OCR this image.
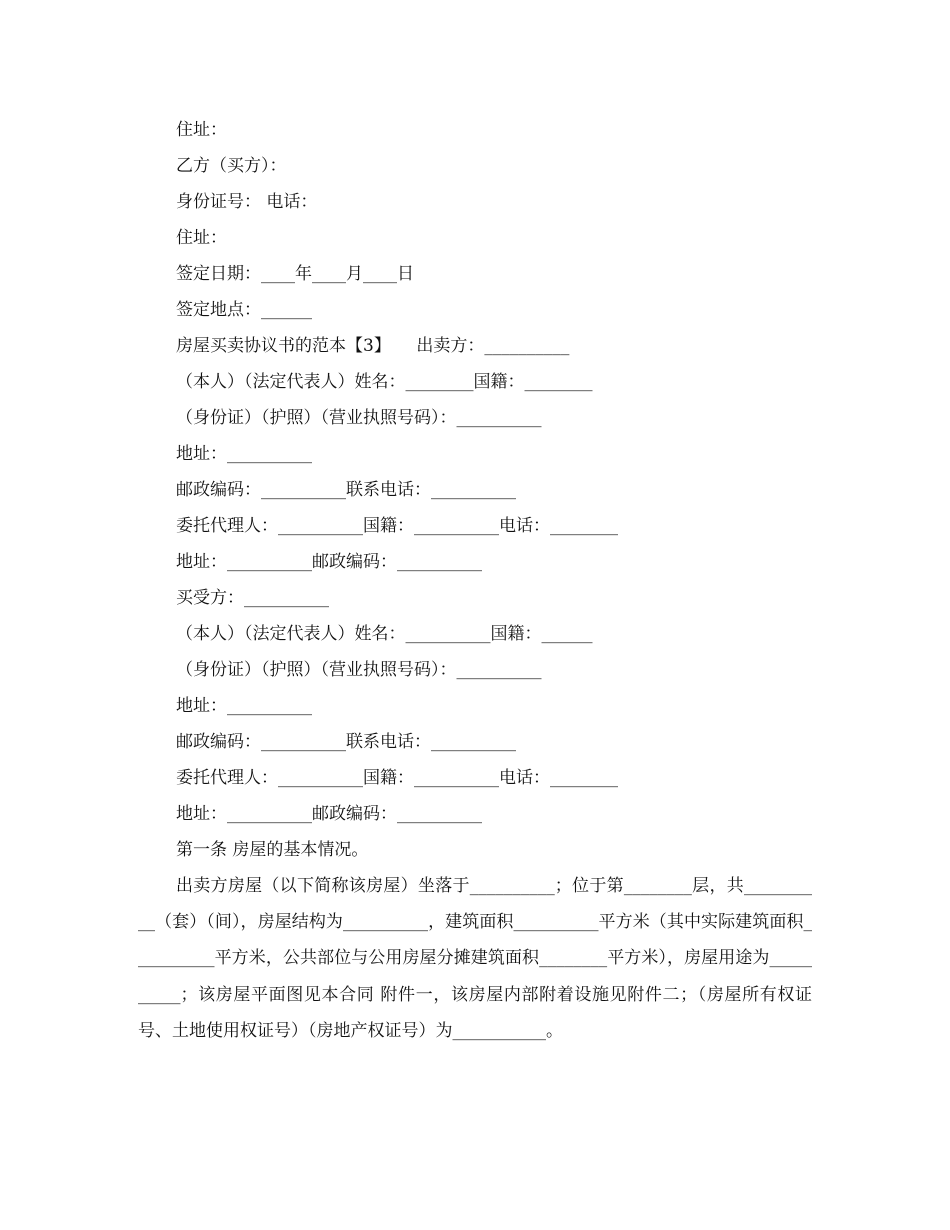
住址：
乙方（买方）：
身份证号： 电话：
住址：
签定日期：____年____月____日
签定地点：______
房屋买卖协议书的范本【3】　　出卖方：__________
（本人）（法定代表人）姓名：________国籍：________
（身份证）（护照）（营业执照号码）：__________
地址：__________
邮政编码：__________联系电话：__________
委托代理人：__________国籍：__________电话：________
地址：__________邮政编码：__________
买受方：__________
（本人）（法定代表人）姓名：__________国籍：______
（身份证）（护照）（营业执照号码）：__________
地址：__________
邮政编码：__________联系电话：__________
委托代理人：__________国籍：__________电话：________
地址：__________邮政编码：__________
第一条 房屋的基本情况。
出卖方房屋（以下简称该房屋）坐落于__________；位于第________层，共__________（套）（间），房屋结构为__________，建筑面积__________平方米（其中实际建筑面积__________平方米，公共部位与公用房屋分摊建筑面积________平方米），房屋用途为__________；该房屋平面图见本合同 附件一，该房屋内部附着设施见附件二；（房屋所有权证号、土地使用权证号）（房地产权证号）为___________。
